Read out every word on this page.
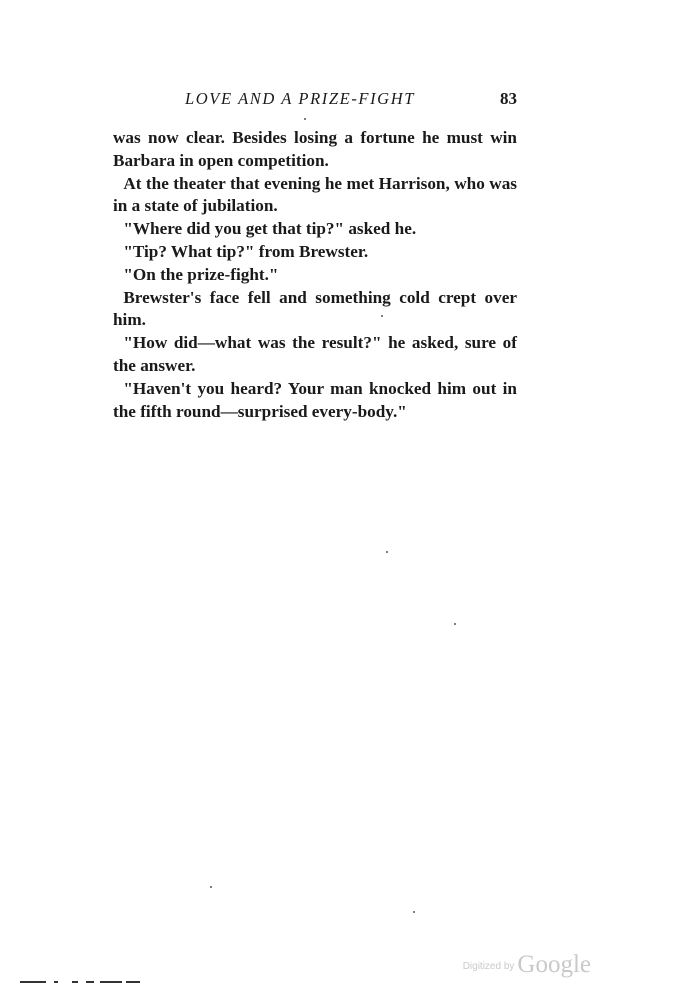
LOVE AND A PRIZE-FIGHT	83

was now clear. Besides losing a fortune he must win Barbara in open competition.

At the theater that evening he met Harrison, who was in a state of jubilation.

"Where did you get that tip?" asked he.

"Tip? What tip?" from Brewster.

"On the prize-fight."

Brewster's face fell and something cold crept over him.

"How did—what was the result?" he asked, sure of the answer.

"Haven't you heard? Your man knocked him out in the fifth round—surprised every-body."

Digitized by Google
